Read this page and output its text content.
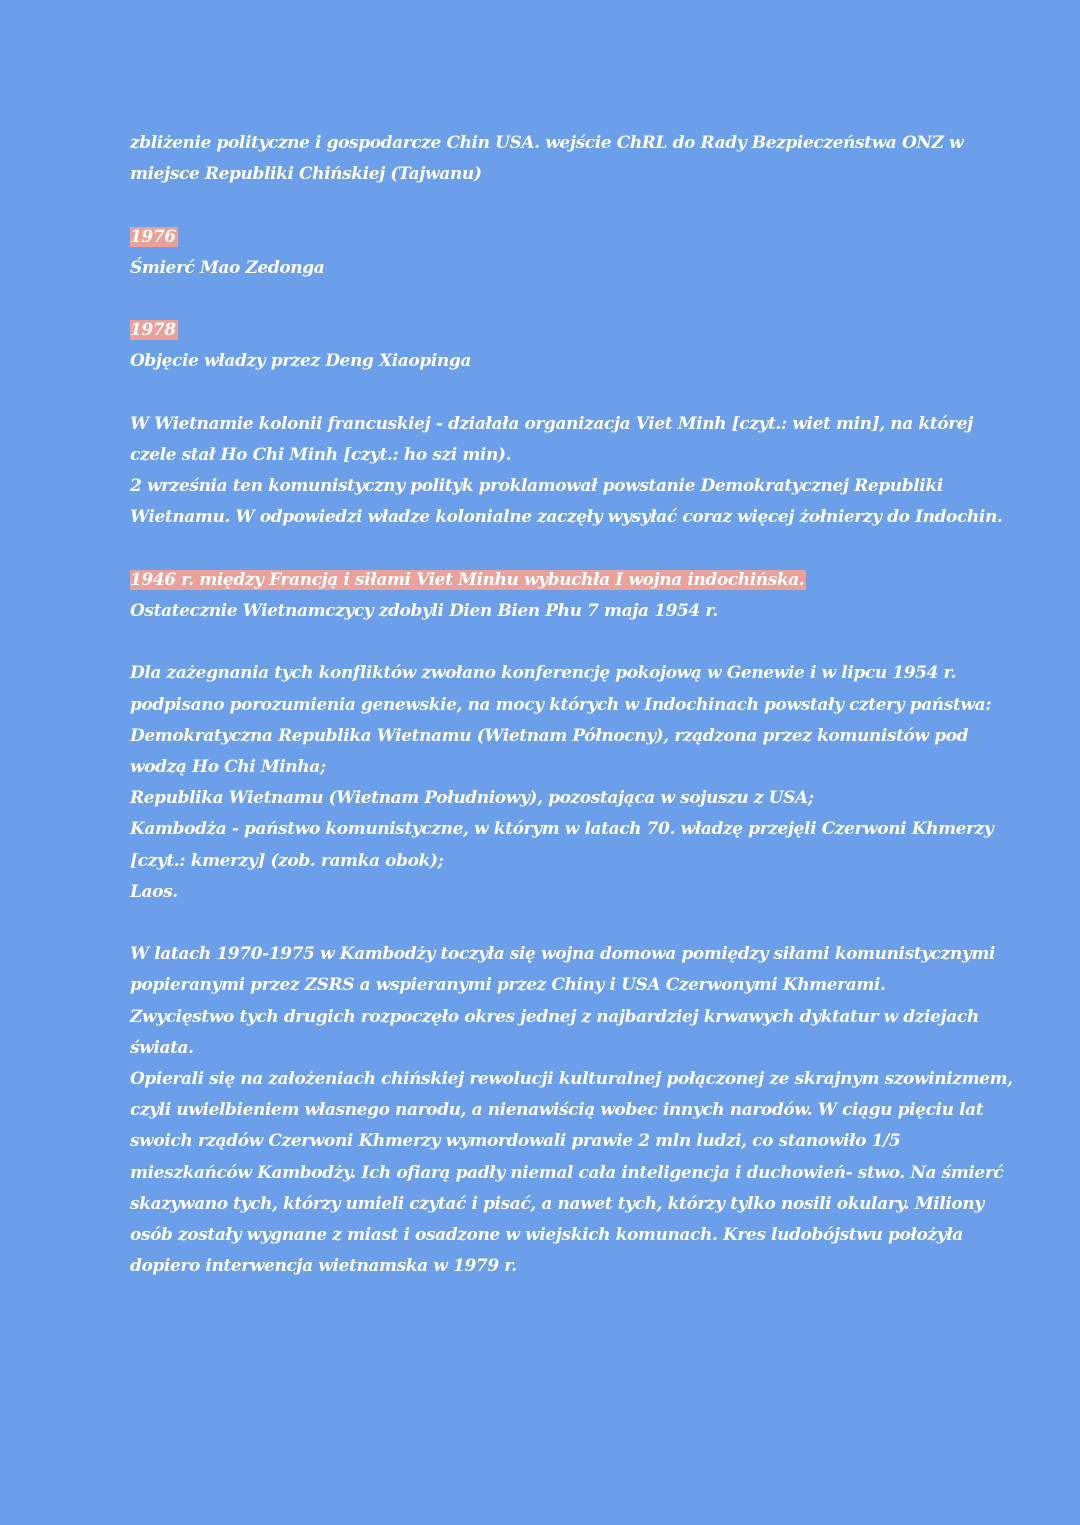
zbliżenie polityczne i gospodarcze Chin USA. wejście ChRL do Rady Bezpieczeństwa ONZ w
miejsce Republiki Chińskiej (Tajwanu)
1976
Śmierć Mao Zedonga
1978
Objęcie władzy przez Deng Xiaopinga
W Wietnamie kolonii francuskiej - działała organizacja Viet Minh [czyt.: wiet min], na której
czele stał Ho Chi Minh [czyt.: ho szi min).
2 września ten komunistyczny polityk proklamował powstanie Demokratycznej Republiki
Wietnamu. W odpowiedzi władze kolonialne zaczęły wysyłać coraz więcej żołnierzy do Indochin.
1946 r. między Francją i siłami Viet Minhu wybuchła I wojna indochińska.
Ostatecznie Wietnamczycy zdobyli Dien Bien Phu 7 maja 1954 r.
Dla zażegnania tych konfliktów zwołano konferencję pokojową w Genewie i w lipcu 1954 r.
podpisano porozumienia genewskie, na mocy których w Indochinach powstały cztery państwa:
Demokratyczna Republika Wietnamu (Wietnam Północny), rządzona przez komunistów pod
wodzą Ho Chi Minha;
Republika Wietnamu (Wietnam Południowy), pozostająca w sojuszu z USA;
Kambodża - państwo komunistyczne, w którym w latach 70. władzę przejęli Czerwoni Khmerzy
[czyt.: kmerzy] (zob. ramka obok);
Laos.
W latach 1970-1975 w Kambodży toczyła się wojna domowa pomiędzy siłami komunistycznymi
popieranymi przez ZSRS a wspieranymi przez Chiny i USA Czerwonymi Khmerami.
Zwycięstwo tych drugich rozpoczęło okres jednej z najbardziej krwawych dyktatur w dziejach
świata.
Opierali się na założeniach chińskiej rewolucji kulturalnej połączonej ze skrajnym szowinizmem,
czyli uwielbieniem własnego narodu, a nienawiścią wobec innych narodów. W ciągu pięciu lat
swoich rządów Czerwoni Khmerzy wymordowali prawie 2 mln ludzi, co stanowiło 1/5
mieszkańców Kambodży. Ich ofiarą padły niemal cała inteligencja i duchowień- stwo. Na śmierć
skazywano tych, którzy umieli czytać i pisać, a nawet tych, którzy tylko nosili okulary. Miliony
osób zostały wygnane z miast i osadzone w wiejskich komunach. Kres ludobójstwu położyła
dopiero interwencja wietnamska w 1979 r.
